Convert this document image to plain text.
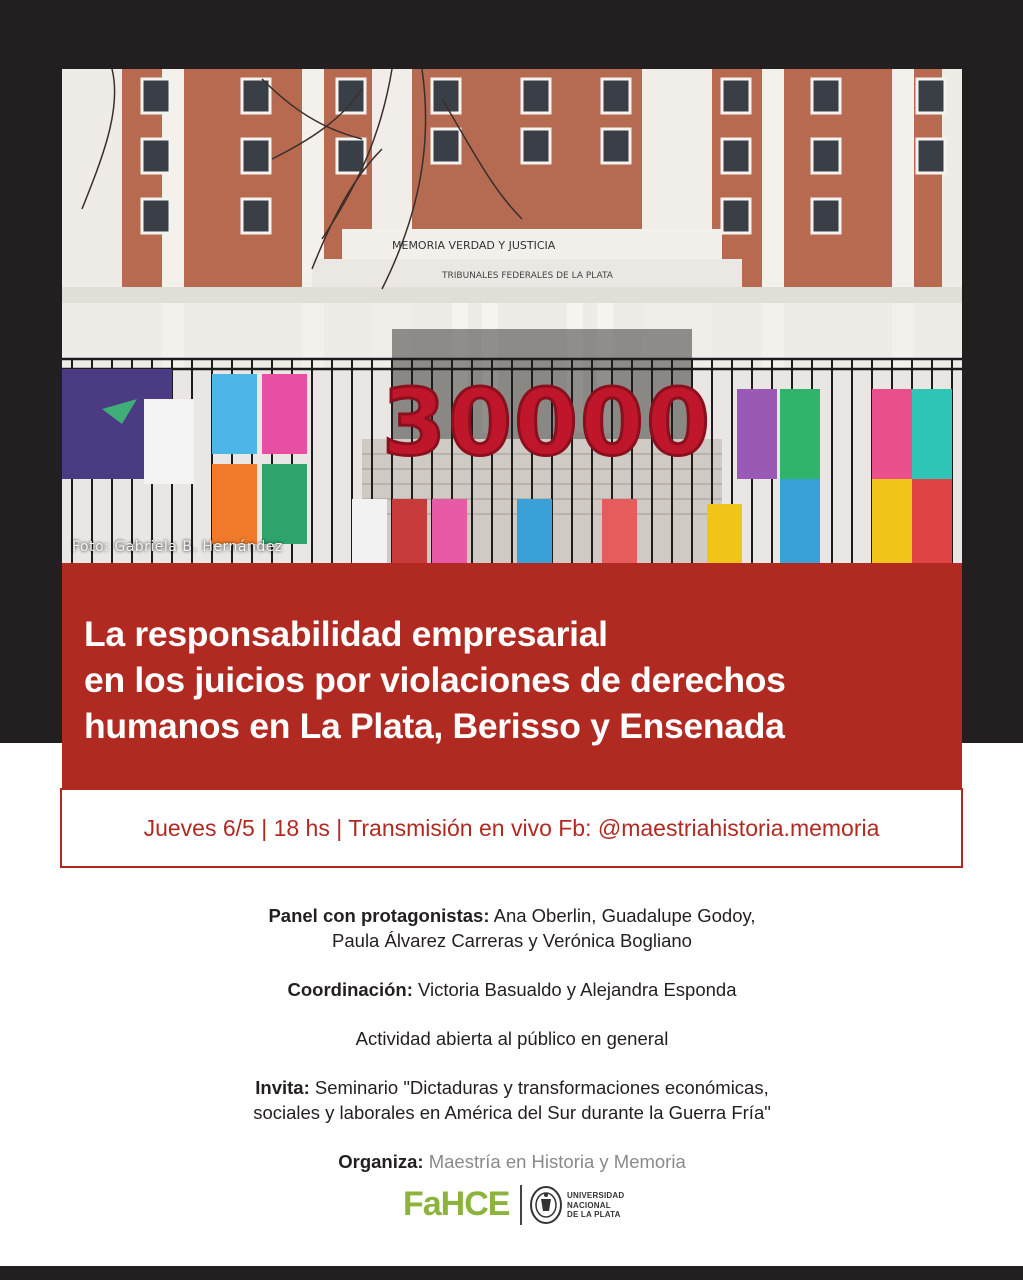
MEMORIA VERDAD Y JUSTICIA
TRIBUNALES FEDERALES DE LA PLATA
30000
Foto: Gabriela B. Hernández
La responsabilidad empresarial
en los juicios por violaciones de derechos
humanos en La Plata, Berisso y Ensenada
Jueves 6/5 | 18 hs | Transmisión en vivo Fb: @maestriahistoria.memoria

Panel con protagonistas: Ana Oberlin, Guadalupe Godoy,

Paula Álvarez Carreras y Verónica Bogliano

Coordinación: Victoria Basualdo y Alejandra Esponda

Actividad abierta al público en general

Invita: Seminario "Dictaduras y transformaciones económicas,

sociales y laborales en América del Sur durante la Guerra Fría"

Organiza: Maestría en Historia y Memoria

FaHCE	UNIVERSIDAD
NACIONAL
DE LA PLATA
